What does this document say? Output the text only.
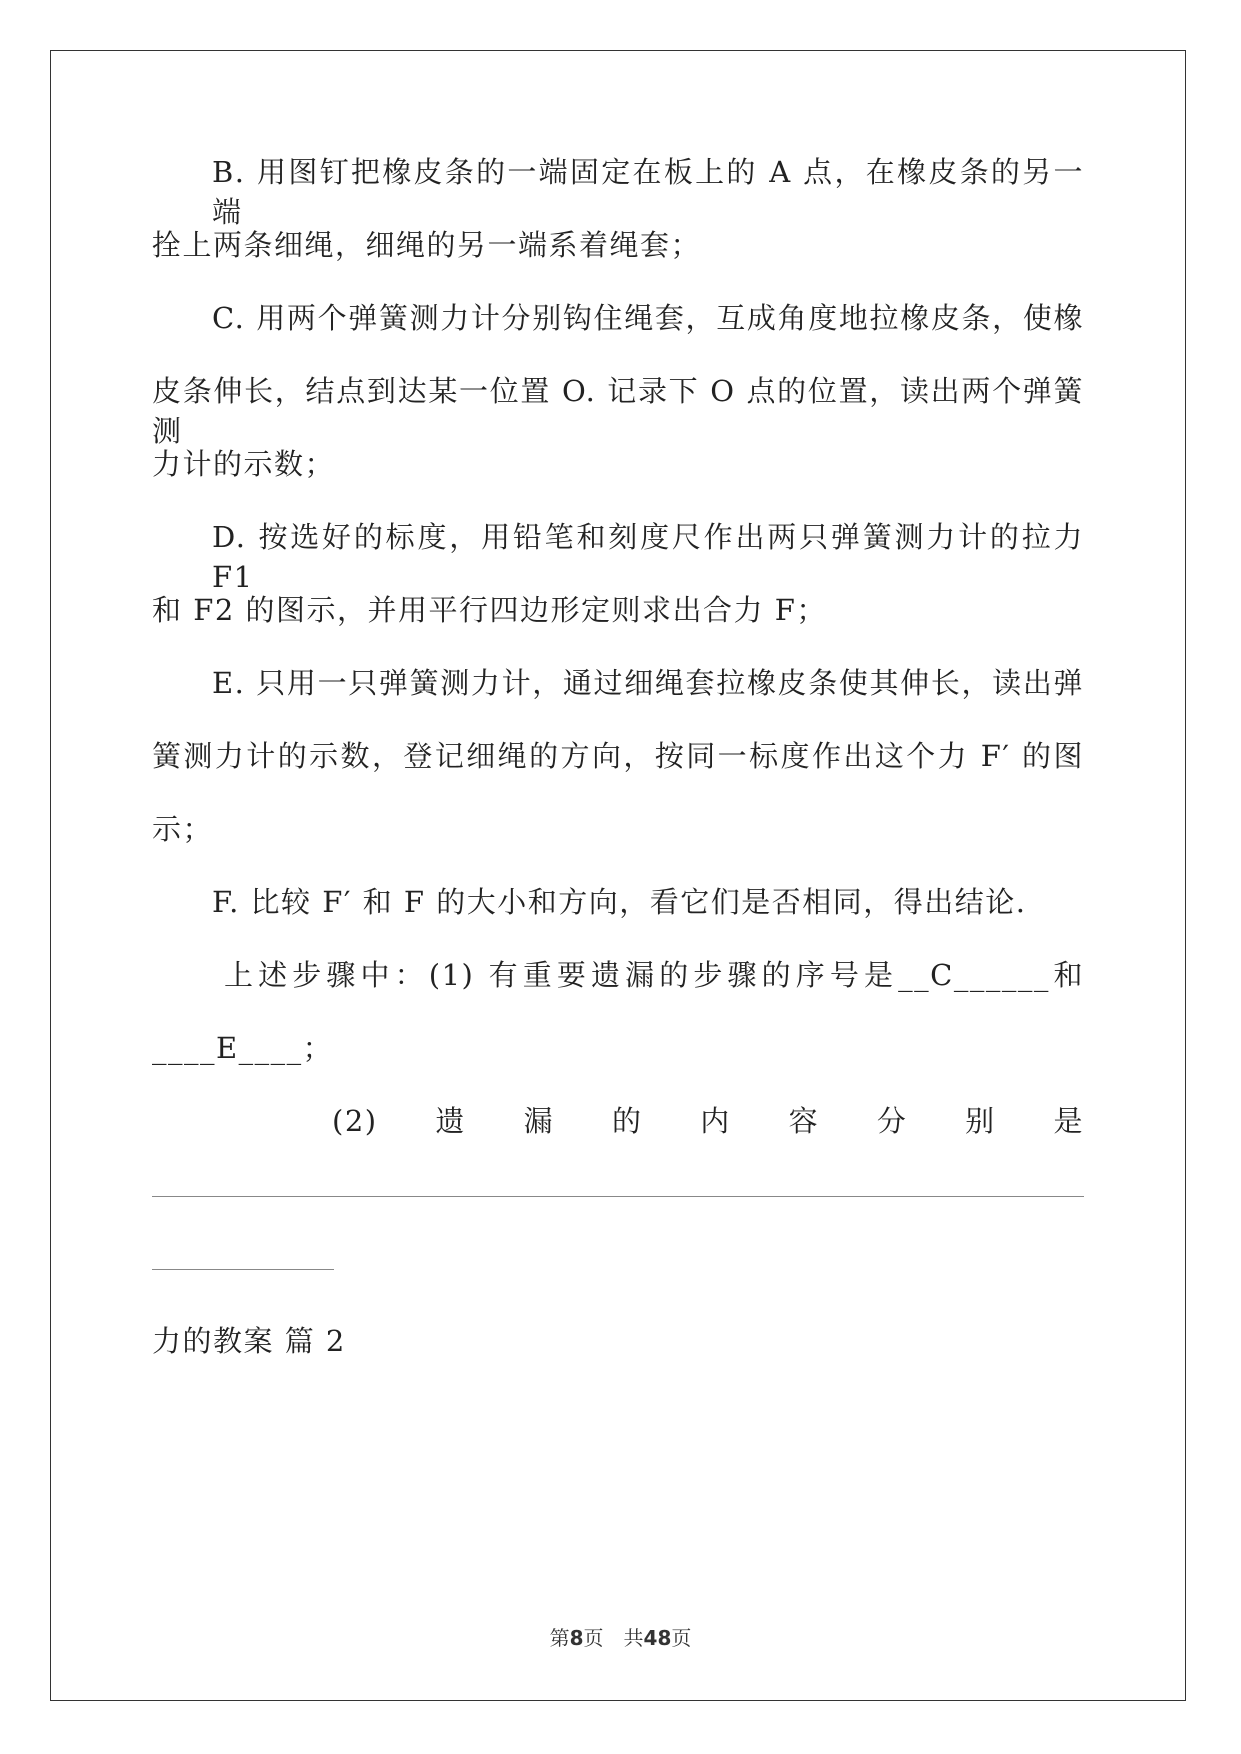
B. 用图钉把橡皮条的一端固定在板上的 A 点，在橡皮条的另一端
拴上两条细绳，细绳的另一端系着绳套；
C. 用两个弹簧测力计分别钩住绳套，互成角度地拉橡皮条，使橡
皮条伸长，结点到达某一位置 O. 记录下 O 点的位置，读出两个弹簧测
力计的示数；
D. 按选好的标度，用铅笔和刻度尺作出两只弹簧测力计的拉力 F1
和 F2 的图示，并用平行四边形定则求出合力 F；
E. 只用一只弹簧测力计，通过细绳套拉橡皮条使其伸长，读出弹
簧测力计的示数，登记细绳的方向，按同一标度作出这个力 F′ 的图
示；
F. 比较 F′ 和 F 的大小和方向，看它们是否相同，得出结论.
上述步骤中：(1) 有重要遗漏的步骤的序号是__C______和
____E____；
(2) 遗 漏 的 内 容 分 别 是
力的教案 篇 2
第8页　共48页
